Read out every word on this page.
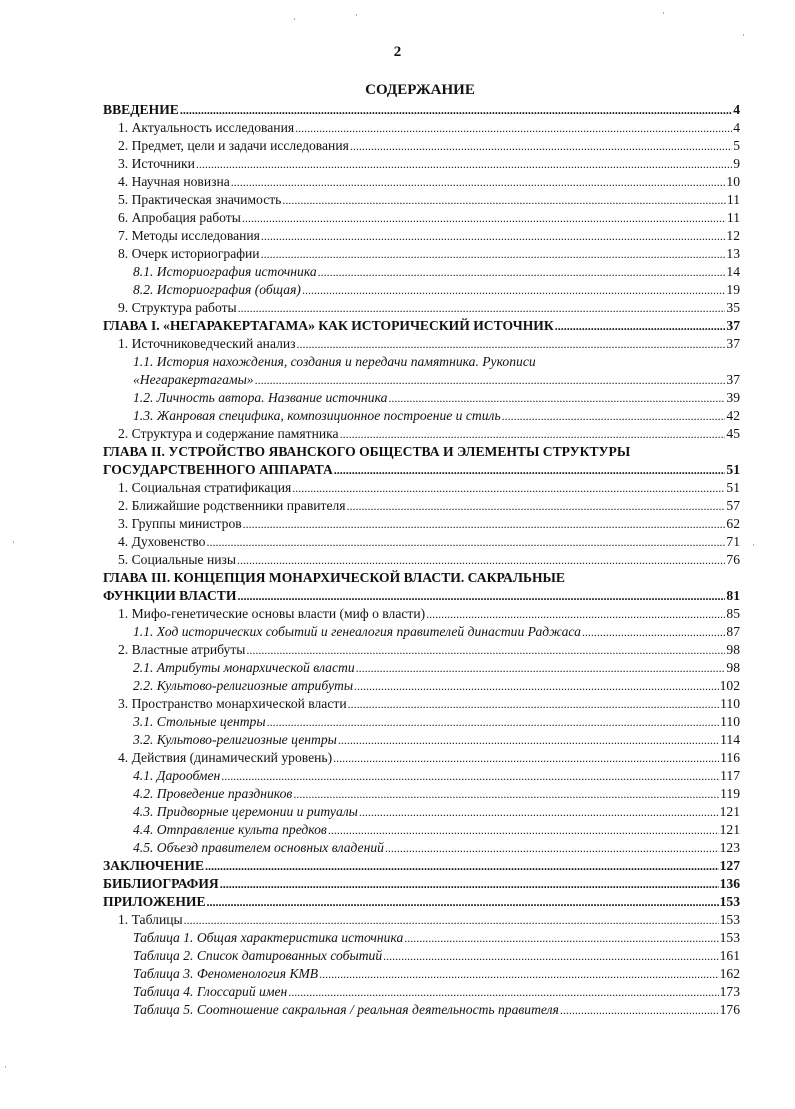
2
СОДЕРЖАНИЕ
ВВЕДЕНИЕ .....	4
1. Актуальность исследования .....	4
2. Предмет, цели и задачи исследования .....	5
3. Источники .....	9
4. Научная новизна .....	10
5. Практическая значимость .....	11
6. Апробация работы .....	11
7. Методы исследования .....	12
8. Очерк историографии .....	13
8.1. Историография источника .....	14
8.2. Историография (общая) .....	19
9. Структура работы .....	35
ГЛАВА I. «НЕГАРАКЕРТАГАМА» КАК ИСТОРИЧЕСКИЙ ИСТОЧНИК .....	37
1. Источниковедческий анализ .....	37
1.1. История нахождения, создания и передачи памятника. Рукописи
«Негаракертагамы» .....	37
1.2. Личность автора. Название источника .....	39
1.3. Жанровая специфика, композиционное построение и стиль .....	42
2. Структура и содержание памятника .....	45
ГЛАВА II. УСТРОЙСТВО ЯВАНСКОГО ОБЩЕСТВА И ЭЛЕМЕНТЫ СТРУКТУРЫ
ГОСУДАРСТВЕННОГО АППАРАТА .....	51
1. Социальная стратификация .....	51
2. Ближайшие родственники правителя .....	57
3. Группы министров .....	62
4. Духовенство .....	71
5. Социальные низы .....	76
ГЛАВА III. КОНЦЕПЦИЯ МОНАРХИЧЕСКОЙ ВЛАСТИ. САКРАЛЬНЫЕ
ФУНКЦИИ ВЛАСТИ .....	81
1. Мифо-генетические основы власти (миф о власти) .....	85
1.1. Ход исторических событий и генеалогия правителей династии Раджаса .....	87
2. Властные атрибуты .....	98
2.1. Атрибуты монархической власти .....	98
2.2. Культово-религиозные атрибуты .....	102
3. Пространство монархической власти .....	110
3.1. Стольные центры .....	110
3.2. Культово-религиозные центры .....	114
4. Действия (динамический уровень) .....	116
4.1. Дарообмен .....	117
4.2. Проведение праздников .....	119
4.3. Придворные церемонии и ритуалы .....	121
4.4. Отправление культа предков .....	121
4.5. Объезд правителем основных владений .....	123
ЗАКЛЮЧЕНИЕ .....	127
БИБЛИОГРАФИЯ .....	136
ПРИЛОЖЕНИЕ .....	153
1. Таблицы .....	153
Таблица 1. Общая характеристика источника .....	153
Таблица 2. Список датированных событий .....	161
Таблица 3. Феноменология КМВ .....	162
Таблица 4. Глоссарий имен .....	173
Таблица 5. Соотношение сакральная / реальная деятельность правителя .....	176
·	·	·
·
·	·
·
